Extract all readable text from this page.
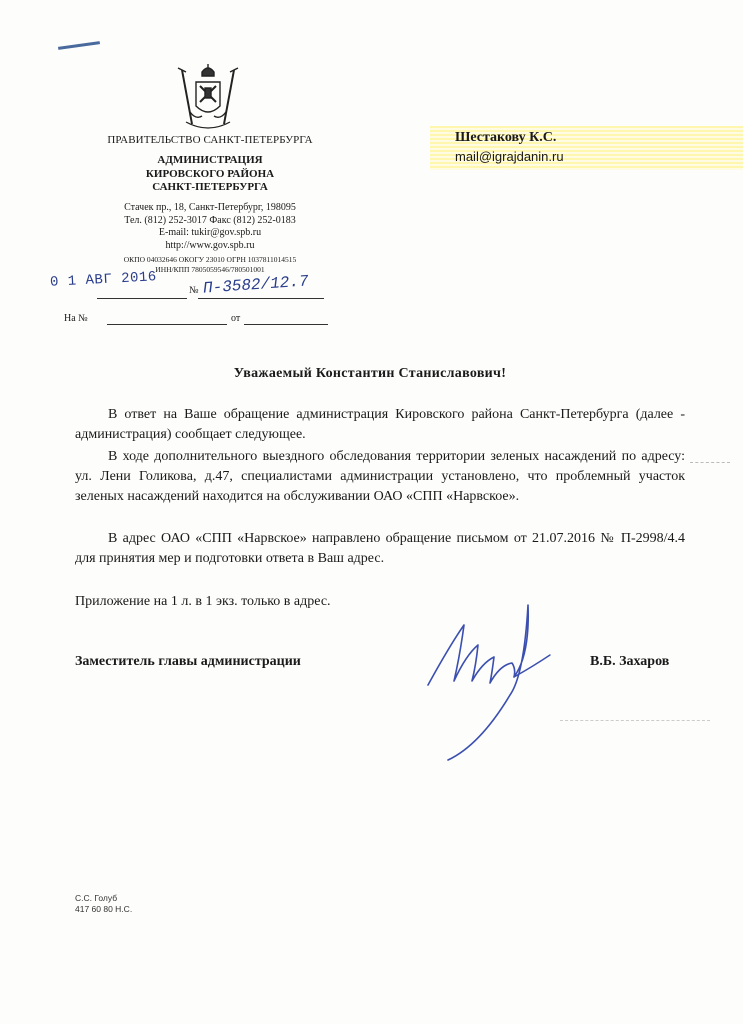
ПРАВИТЕЛЬСТВО САНКТ-ПЕТЕРБУРГА
АДМИНИСТРАЦИЯ
КИРОВСКОГО РАЙОНА
САНКТ-ПЕТЕРБУРГА
Стачек пр., 18, Санкт-Петербург, 198095
Тел. (812) 252-3017 Факс (812) 252-0183
E-mail: tukir@gov.spb.ru
http://www.gov.spb.ru
ОКПО 04032646 ОКОГУ 23010 ОГРН 1037811014515
ИНН/КПП 7805059546/780501001
Шестакову К.С.
mail@igrajdanin.ru
0 1 АВГ 2016	№ П-3582/12.7
На №	от
Уважаемый Константин Станиславович!
В ответ на Ваше обращение администрация Кировского района Санкт-Петербурга (далее - администрация) сообщает следующее.
В ходе дополнительного выездного обследования территории зеленых насаждений по адресу: ул. Лени Голикова, д.47, специалистами администрации установлено, что проблемный участок зеленых насаждений находится на обслуживании ОАО «СПП «Нарвское».
В адрес ОАО «СПП «Нарвское» направлено обращение письмом от 21.07.2016 № П-2998/4.4 для принятия мер и подготовки ответа в Ваш адрес.
Приложение на 1 л. в 1 экз. только в адрес.
Заместитель главы администрации	В.Б. Захаров
С.С. Голуб
417 60 80 Н.С.
